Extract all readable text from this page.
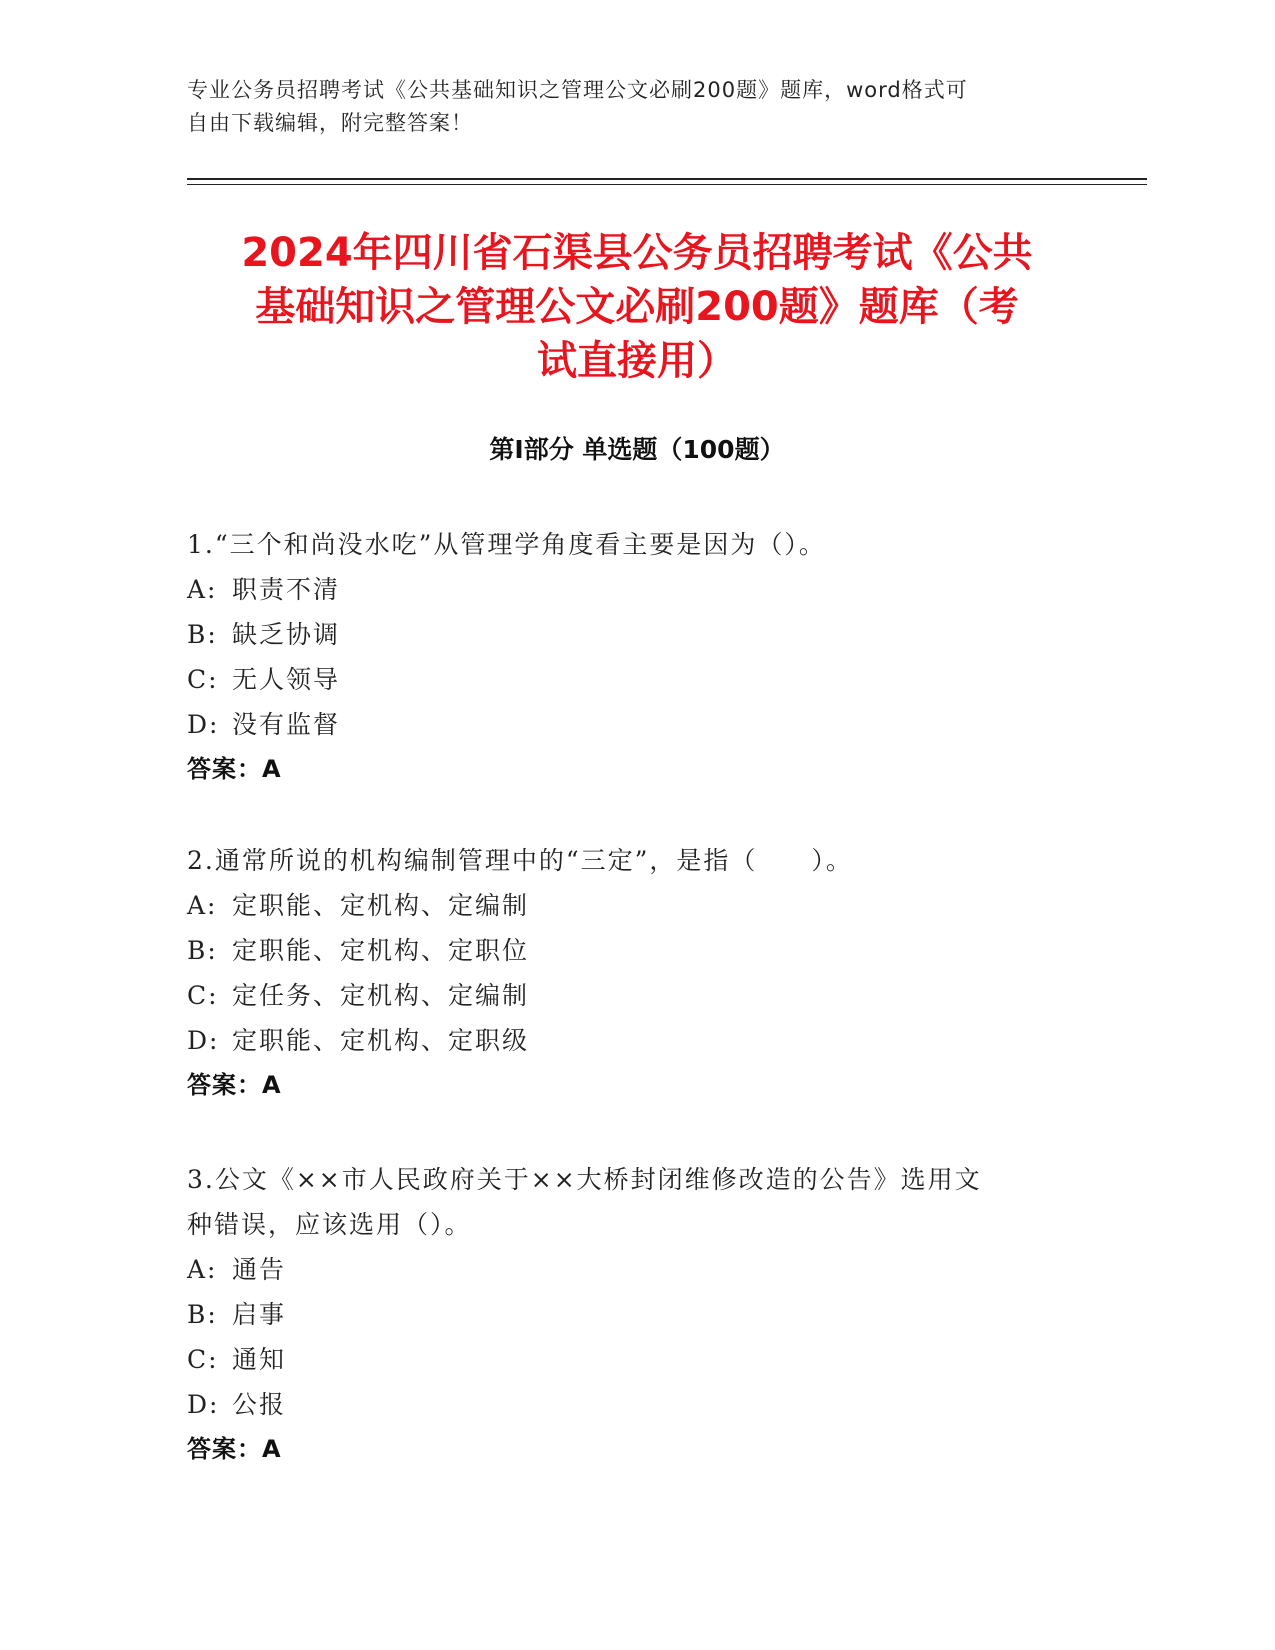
专业公务员招聘考试《公共基础知识之管理公文必刷200题》题库，word格式可
自由下载编辑，附完整答案！
2024年四川省石渠县公务员招聘考试《公共
基础知识之管理公文必刷200题》题库（考
试直接用）
第Ⅰ部分 单选题（100题）

1.“三个和尚没水吃”从管理学角度看主要是因为（）。

A: 职责不清

B: 缺乏协调

C: 无人领导

D: 没有监督

答案：A

2.通常所说的机构编制管理中的“三定”，是指（　　）。

A: 定职能、定机构、定编制

B: 定职能、定机构、定职位

C: 定任务、定机构、定编制

D: 定职能、定机构、定职级

答案：A

3.公文《××市人民政府关于××大桥封闭维修改造的公告》选用文

种错误，应该选用（）。

A: 通告

B: 启事

C: 通知

D: 公报

答案：A
